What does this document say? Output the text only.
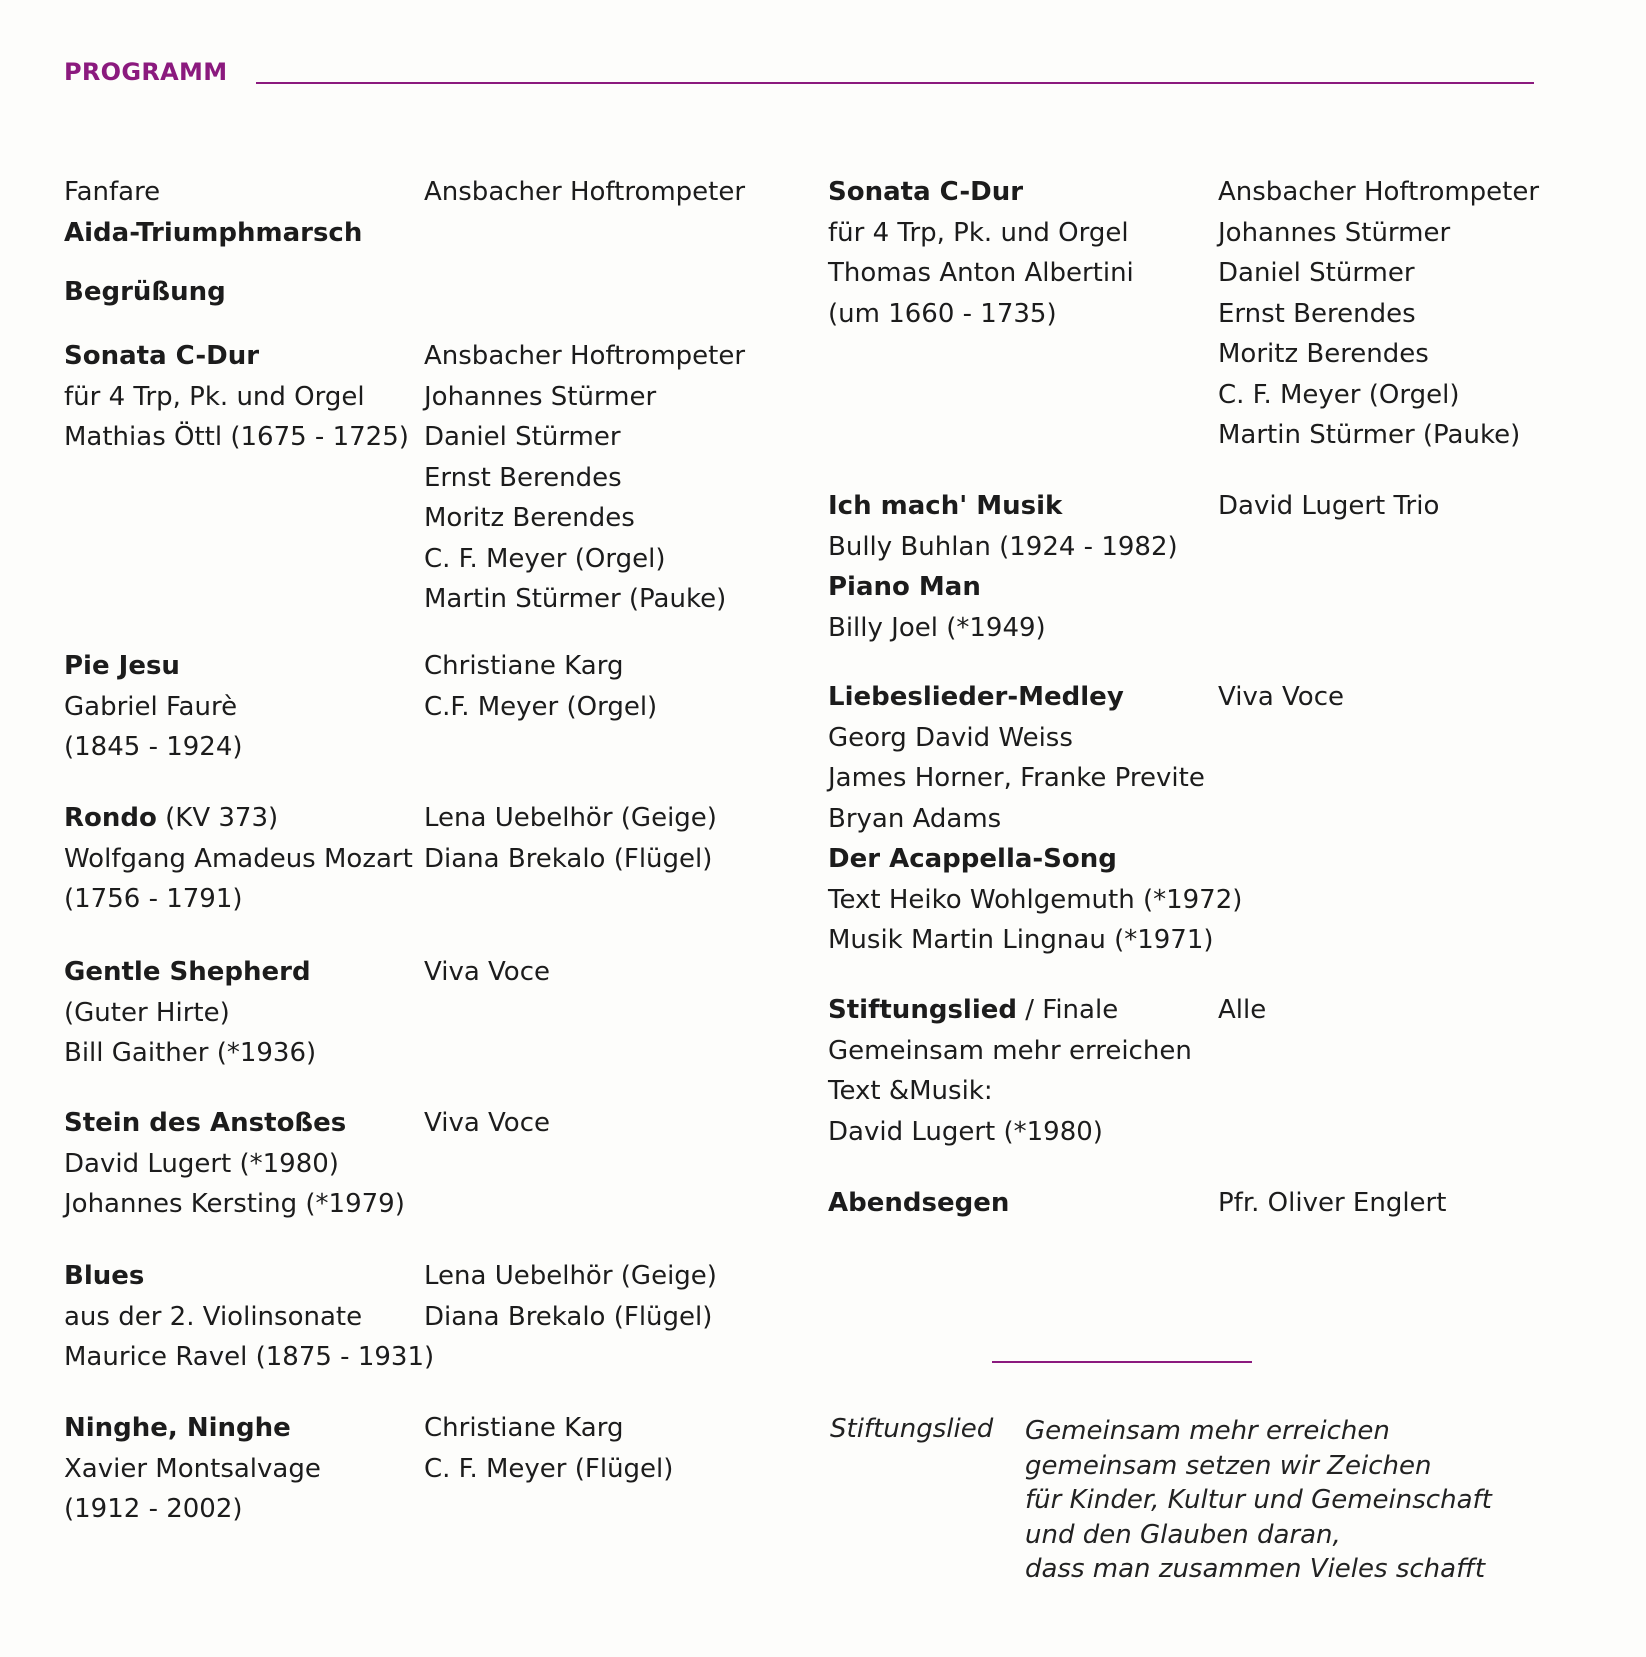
PROGRAMM
Fanfare
Aida-Triumphmarsch
Ansbacher Hoftrompeter
Begrüßung
Sonata C-Dur
für 4 Trp, Pk. und Orgel
Mathias Öttl (1675 - 1725)
Ansbacher Hoftrompeter
Johannes Stürmer
Daniel Stürmer
Ernst Berendes
Moritz Berendes
C. F. Meyer (Orgel)
Martin Stürmer (Pauke)
Pie Jesu
Gabriel Faurè
(1845 - 1924)
Christiane Karg
C.F. Meyer (Orgel)
Rondo (KV 373)
Wolfgang Amadeus Mozart
(1756 - 1791)
Lena Uebelhör (Geige)
Diana Brekalo (Flügel)
Gentle Shepherd
(Guter Hirte)
Bill Gaither (*1936)
Viva Voce
Stein des Anstoßes
David Lugert (*1980)
Johannes Kersting (*1979)
Viva Voce
Blues
aus der 2. Violinsonate
Maurice Ravel (1875 - 1931)
Lena Uebelhör (Geige)
Diana Brekalo (Flügel)
Ninghe, Ninghe
Xavier Montsalvage
(1912 - 2002)
Christiane Karg
C. F. Meyer (Flügel)
Sonata C-Dur
für 4 Trp, Pk. und Orgel
Thomas Anton Albertini
(um 1660 - 1735)
Ansbacher Hoftrompeter
Johannes Stürmer
Daniel Stürmer
Ernst Berendes
Moritz Berendes
C. F. Meyer (Orgel)
Martin Stürmer (Pauke)
Ich mach' Musik
Bully Buhlan (1924 - 1982)
Piano Man
Billy Joel (*1949)
David Lugert Trio
Liebeslieder-Medley
Georg David Weiss
James Horner, Franke Previte
Bryan Adams
Der Acappella-Song
Text Heiko Wohlgemuth (*1972)
Musik Martin Lingnau (*1971)
Viva Voce
Stiftungslied / Finale
Gemeinsam mehr erreichen
Text &Musik:
David Lugert (*1980)
Alle
Abendsegen	Pfr. Oliver Englert
Stiftungslied Gemeinsam mehr erreichen
gemeinsam setzen wir Zeichen
für Kinder, Kultur und Gemeinschaft
und den Glauben daran,
dass man zusammen Vieles schafft
